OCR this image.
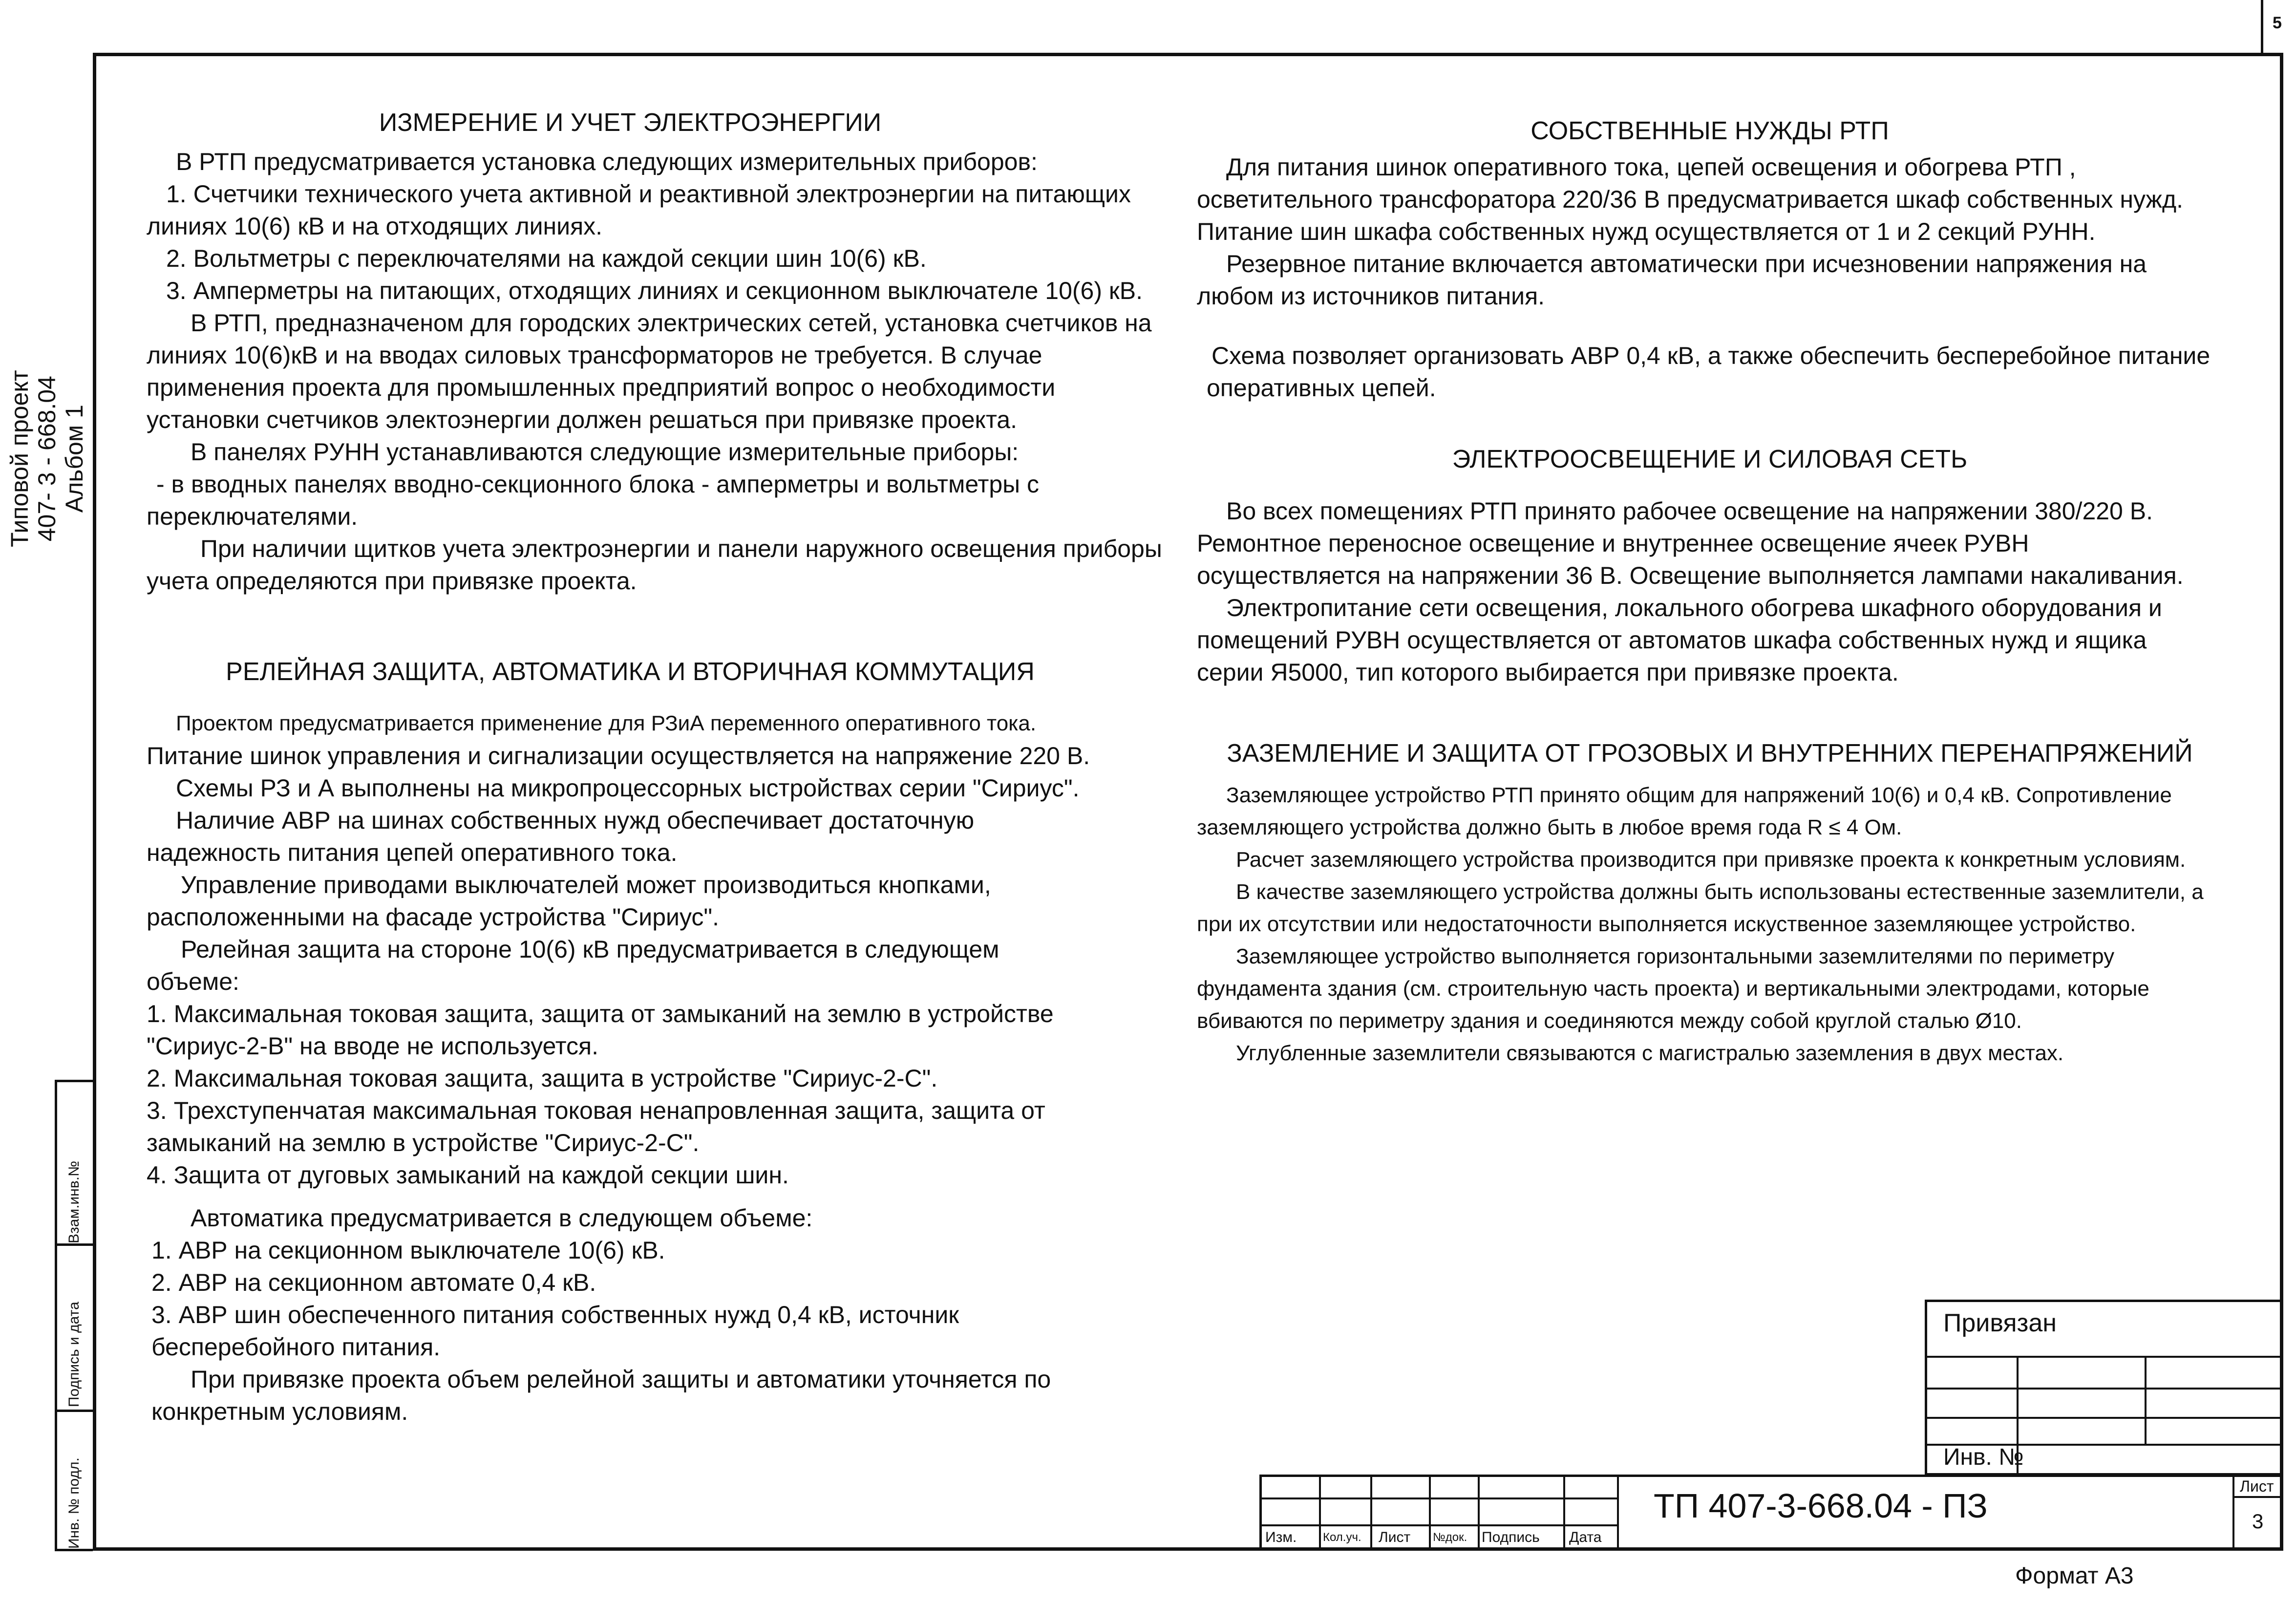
5
Типовой проект 407- 3 - 668.04 Альбом 1
Взам.инв.№
Подпись и дата
Инв. № подл.

ИЗМЕРЕНИЕ И УЧЕТ ЭЛЕКТРОЭНЕРГИИ

В РТП предусматривается установка следующих измерительных приборов:

1. Счетчики технического учета активной и реактивной электроэнергии на питающих

линиях 10(6) кВ и на отходящих линиях.

2. Вольтметры с переключателями на каждой секции шин 10(6) кВ.

3. Амперметры на питающих, отходящих линиях и секционном выключателе 10(6) кВ.

В РТП, предназначеном для городских электрических сетей, установка счетчиков на

линиях 10(6)кВ и на вводах силовых трансформаторов не требуется. В случае

применения проекта для промышленных предприятий вопрос о необходимости

установки счетчиков электоэнергии должен решаться при привязке проекта.

В панелях РУНН устанавливаются следующие измерительные приборы:

- в вводных панелях вводно-секционного блока - амперметры и вольтметры с

переключателями.

При наличии щитков учета электроэнергии и панели наружного освещения приборы

учета определяются при привязке проекта.

РЕЛЕЙНАЯ ЗАЩИТА, АВТОМАТИКА И ВТОРИЧНАЯ КОММУТАЦИЯ

Проектом предусматривается применение для РЗиА переменного оперативного тока.

Питание шинок управления и сигнализации осуществляется на напряжение 220 В.

Схемы РЗ и А выполнены на микропроцессорных ыстройствах серии "Сириус".

Наличие АВР на шинах собственных нужд обеспечивает достаточную

надежность питания цепей оперативного тока.

Управление приводами выключателей может производиться кнопками,

расположенными на фасаде устройства "Сириус".

Релейная защита на стороне 10(6) кВ предусматривается в следующем

объеме:

1. Максимальная токовая защита, защита от замыканий на землю в устройстве

"Сириус-2-В" на вводе не используется.

2. Максимальная токовая защита, защита в устройстве "Сириус-2-С".

3. Трехступенчатая максимальная токовая ненапровленная защита, защита от

замыканий на землю в устройстве "Сириус-2-С".

4. Защита от дуговых замыканий на каждой секции шин.

Автоматика предусматривается в следующем объеме:

1. АВР на секционном выключателе 10(6) кВ.

2. АВР на секционном автомате 0,4 кВ.

3. АВР шин обеспеченного питания собственных нужд 0,4 кВ, источник

бесперебойного питания.

При привязке проекта объем релейной защиты и автоматики уточняется по

конкретным условиям.

СОБСТВЕННЫЕ НУЖДЫ РТП

Для питания шинок оперативного тока, цепей освещения и обогрева РТП ,

осветительного трансфоратора 220/36 В предусматривается шкаф собственных нужд.

Питание шин шкафа собственных нужд осуществляется от 1 и 2 секций РУНН.

Резервное питание включается автоматически при исчезновении напряжения на

любом из источников питания.

Схема позволяет организовать АВР 0,4 кВ, а также обеспечить бесперебойное питание

оперативных цепей.

ЭЛЕКТРООСВЕЩЕНИЕ И СИЛОВАЯ СЕТЬ

Во всех помещениях РТП принято рабочее освещение на напряжении 380/220 В.

Ремонтное переносное освещение и внутреннее освещение ячеек РУВН

осуществляется на напряжении 36 В. Освещение выполняется лампами накаливания.

Электропитание сети освещения, локального обогрева шкафного оборудования и

помещений РУВН осуществляется от автоматов шкафа собственных нужд и ящика

серии Я5000, тип которого выбирается при привязке проекта.

ЗАЗЕМЛЕНИЕ И ЗАЩИТА ОТ ГРОЗОВЫХ И ВНУТРЕННИХ ПЕРЕНАПРЯЖЕНИЙ

Заземляющее устройство РТП принято общим для напряжений 10(6) и 0,4 кВ. Сопротивление

заземляющего устройства должно быть в любое время года R ≤ 4 Ом.

Расчет заземляющего устройства производится при привязке проекта к конкретным условиям.

В качестве заземляющего устройства должны быть использованы естественные заземлители, а

при их отсутствии или недостаточности выполняется искуственное заземляющее устройство.

Заземляющее устройство выполняется горизонтальными заземлителями по периметру

фундамента здания (см. строительную часть проекта) и вертикальными электродами, которые

вбиваются по периметру здания и соединяются между собой круглой сталью Ø10.

Углубленные заземлители связываются с магистралью заземления в двух местах.

Привязан
Инв. №
ТП 407-3-668.04 - ПЗ
Лист
3
Изм. Кол.уч. Лист №док. Подпись Дата
Формат А3
